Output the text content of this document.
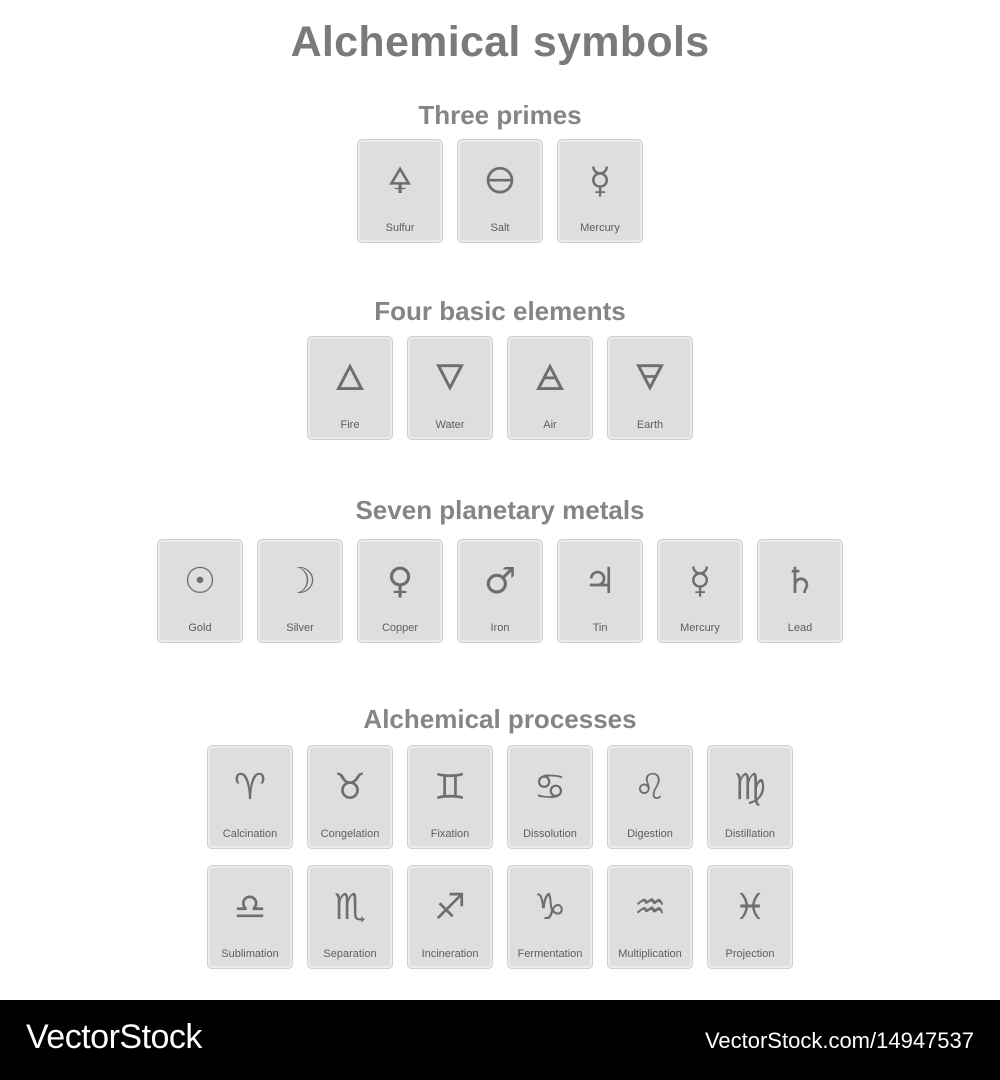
Alchemical symbols
Three primes
🜍
Sulfur
🜔
Salt
☿
Mercury
Four basic elements
🜂
Fire
🜄
Water
🜁
Air
🜃
Earth
Seven planetary metals
☉
Gold
☽
Silver
♀
Copper
♂
Iron
♃
Tin
☿
Mercury
♄
Lead
Alchemical processes
♈
Calcination
♉
Congelation
♊
Fixation
♋
Dissolution
♌
Digestion
♍
Distillation
♎
Sublimation
♏
Separation
♐
Incineration
♑
Fermentation
♒
Multiplication
♓
Projection
VectorStock	VectorStock.com/14947537
